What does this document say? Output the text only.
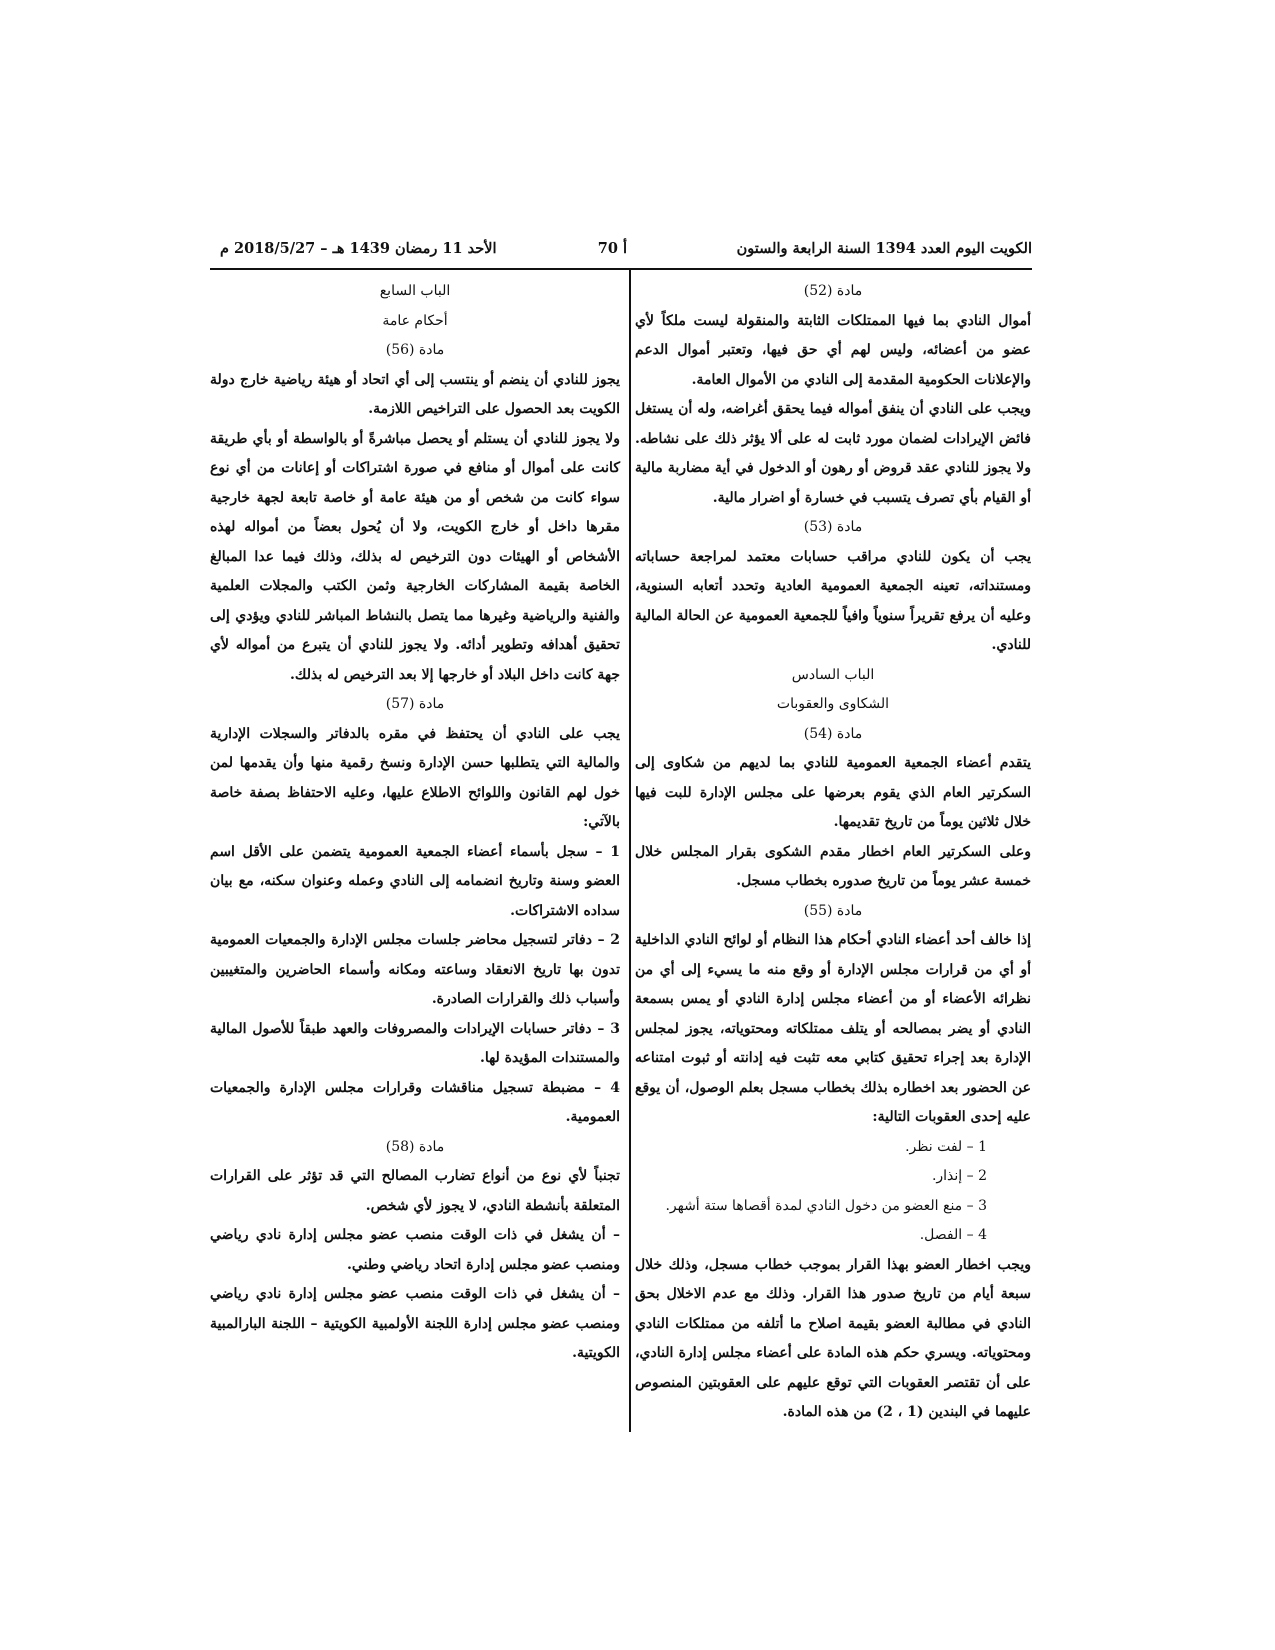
الكويت اليوم العدد 1394 السنة الرابعة والستون
أ 70
الأحد 11 رمضان 1439 هـ – 2018/5/27 م

مادة (52)

أموال النادي بما فيها الممتلكات الثابتة والمنقولة ليست ملكاً لأي عضو من أعضائه، وليس لهم أي حق فيها، وتعتبر أموال الدعم والإعلانات الحكومية المقدمة إلى النادي من الأموال العامة.

ويجب على النادي أن ينفق أمواله فيما يحقق أغراضه، وله أن يستغل فائض الإيرادات لضمان مورد ثابت له على ألا يؤثر ذلك على نشاطه. ولا يجوز للنادي عقد قروض أو رهون أو الدخول في أية مضاربة مالية أو القيام بأي تصرف يتسبب في خسارة أو اضرار مالية.

مادة (53)

يجب أن يكون للنادي مراقب حسابات معتمد لمراجعة حساباته ومستنداته، تعينه الجمعية العمومية العادية وتحدد أتعابه السنوية، وعليه أن يرفع تقريراً سنوياً وافياً للجمعية العمومية عن الحالة المالية للنادي.

الباب السادس

الشكاوى والعقوبات

مادة (54)

يتقدم أعضاء الجمعية العمومية للنادي بما لديهم من شكاوى إلى السكرتير العام الذي يقوم بعرضها على مجلس الإدارة للبت فيها خلال ثلاثين يوماً من تاريخ تقديمها.

وعلى السكرتير العام اخطار مقدم الشكوى بقرار المجلس خلال خمسة عشر يوماً من تاريخ صدوره بخطاب مسجل.

مادة (55)

إذا خالف أحد أعضاء النادي أحكام هذا النظام أو لوائح النادي الداخلية أو أي من قرارات مجلس الإدارة أو وقع منه ما يسيء إلى أي من نظرائه الأعضاء أو من أعضاء مجلس إدارة النادي أو يمس بسمعة النادي أو يضر بمصالحه أو يتلف ممتلكاته ومحتوياته، يجوز لمجلس الإدارة بعد إجراء تحقيق كتابي معه تثبت فيه إدانته أو ثبوت امتناعه عن الحضور بعد اخطاره بذلك بخطاب مسجل بعلم الوصول، أن يوقع عليه إحدى العقوبات التالية:

1 – لفت نظر.

2 – إنذار.

3 – منع العضو من دخول النادي لمدة أقصاها ستة أشهر.

4 – الفصل.

ويجب اخطار العضو بهذا القرار بموجب خطاب مسجل، وذلك خلال سبعة أيام من تاريخ صدور هذا القرار. وذلك مع عدم الاخلال بحق النادي في مطالبة العضو بقيمة اصلاح ما أتلفه من ممتلكات النادي ومحتوياته. ويسري حكم هذه المادة على أعضاء مجلس إدارة النادي، على أن تقتصر العقوبات التي توقع عليهم على العقوبتين المنصوص عليهما في البندين (1 ، 2) من هذه المادة.

الباب السابع

أحكام عامة

مادة (56)

يجوز للنادي أن ينضم أو ينتسب إلى أي اتحاد أو هيئة رياضية خارج دولة الكويت بعد الحصول على التراخيص اللازمة.

ولا يجوز للنادي أن يستلم أو يحصل مباشرةً أو بالواسطة أو بأي طريقة كانت على أموال أو منافع في صورة اشتراكات أو إعانات من أي نوع سواء كانت من شخص أو من هيئة عامة أو خاصة تابعة لجهة خارجية مقرها داخل أو خارج الكويت، ولا أن يُحول بعضاً من أمواله لهذه الأشخاص أو الهيئات دون الترخيص له بذلك، وذلك فيما عدا المبالغ الخاصة بقيمة المشاركات الخارجية وثمن الكتب والمجلات العلمية والفنية والرياضية وغيرها مما يتصل بالنشاط المباشر للنادي ويؤدي إلى تحقيق أهدافه وتطوير أدائه. ولا يجوز للنادي أن يتبرع من أمواله لأي جهة كانت داخل البلاد أو خارجها إلا بعد الترخيص له بذلك.

مادة (57)

يجب على النادي أن يحتفظ في مقره بالدفاتر والسجلات الإدارية والمالية التي يتطلبها حسن الإدارة ونسخ رقمية منها وأن يقدمها لمن خول لهم القانون واللوائح الاطلاع عليها، وعليه الاحتفاظ بصفة خاصة بالآتي:

1 – سجل بأسماء أعضاء الجمعية العمومية يتضمن على الأقل اسم العضو وسنة وتاريخ انضمامه إلى النادي وعمله وعنوان سكنه، مع بيان سداده الاشتراكات.

2 – دفاتر لتسجيل محاضر جلسات مجلس الإدارة والجمعيات العمومية تدون بها تاريخ الانعقاد وساعته ومكانه وأسماء الحاضرين والمتغيبين وأسباب ذلك والقرارات الصادرة.

3 – دفاتر حسابات الإيرادات والمصروفات والعهد طبقاً للأصول المالية والمستندات المؤيدة لها.

4 – مضبطة تسجيل مناقشات وقرارات مجلس الإدارة والجمعيات العمومية.

مادة (58)

تجنباً لأي نوع من أنواع تضارب المصالح التي قد تؤثر على القرارات المتعلقة بأنشطة النادي، لا يجوز لأي شخص.

– أن يشغل في ذات الوقت منصب عضو مجلس إدارة نادي رياضي ومنصب عضو مجلس إدارة اتحاد رياضي وطني.

– أن يشغل في ذات الوقت منصب عضو مجلس إدارة نادي رياضي ومنصب عضو مجلس إدارة اللجنة الأولمبية الكويتية – اللجنة البارالمبية الكويتية.
